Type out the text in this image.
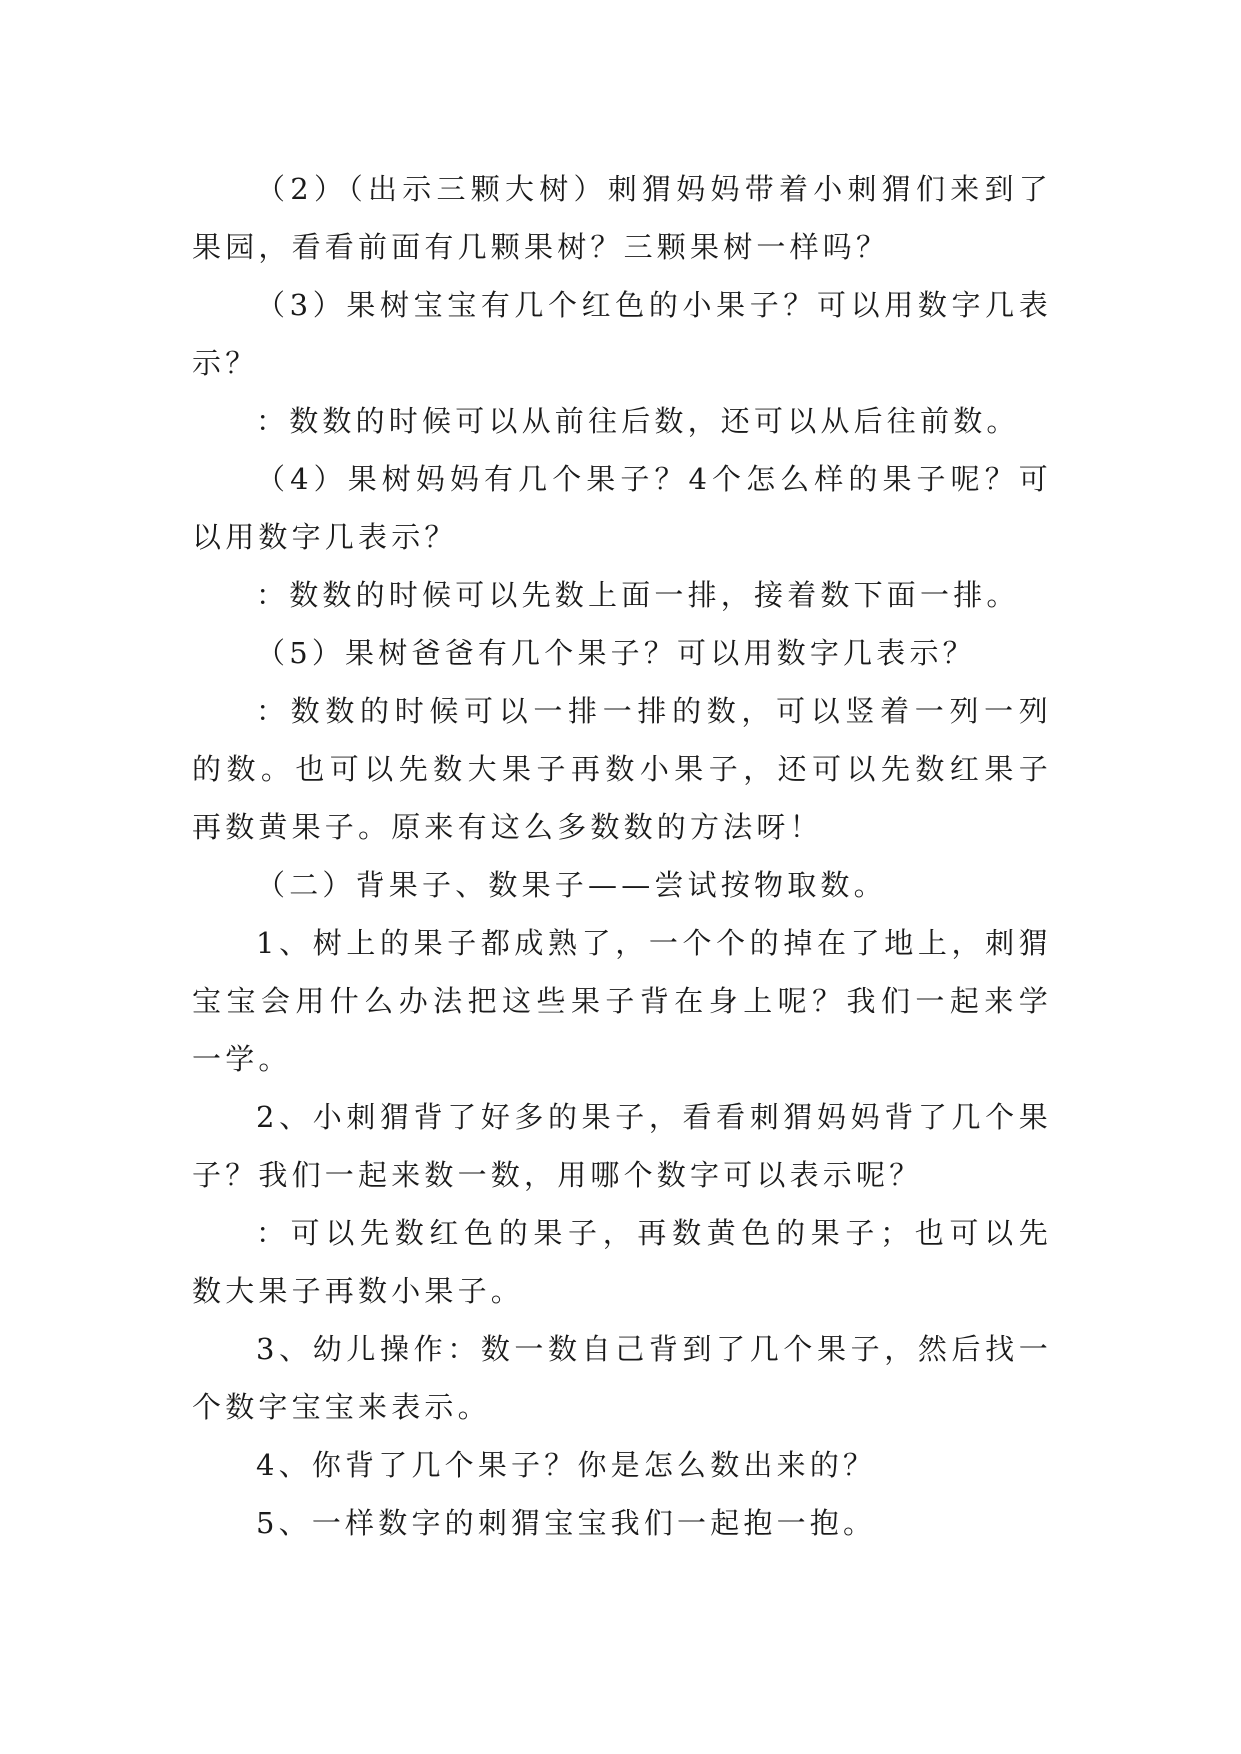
（2）（出示三颗大树）刺猬妈妈带着小刺猬们来到了果园，看看前面有几颗果树？三颗果树一样吗？

（3）果树宝宝有几个红色的小果子？可以用数字几表示？

：数数的时候可以从前往后数，还可以从后往前数。

（4）果树妈妈有几个果子？4个怎么样的果子呢？可以用数字几表示？

：数数的时候可以先数上面一排，接着数下面一排。

（5）果树爸爸有几个果子？可以用数字几表示？

：数数的时候可以一排一排的数，可以竖着一列一列的数。也可以先数大果子再数小果子，还可以先数红果子再数黄果子。原来有这么多数数的方法呀！

（二）背果子、数果子——尝试按物取数。

1、树上的果子都成熟了，一个个的掉在了地上，刺猬宝宝会用什么办法把这些果子背在身上呢？我们一起来学一学。

2、小刺猬背了好多的果子，看看刺猬妈妈背了几个果子？我们一起来数一数，用哪个数字可以表示呢？

：可以先数红色的果子，再数黄色的果子；也可以先数大果子再数小果子。

3、幼儿操作：数一数自己背到了几个果子，然后找一个数字宝宝来表示。

4、你背了几个果子？你是怎么数出来的？

5、一样数字的刺猬宝宝我们一起抱一抱。
